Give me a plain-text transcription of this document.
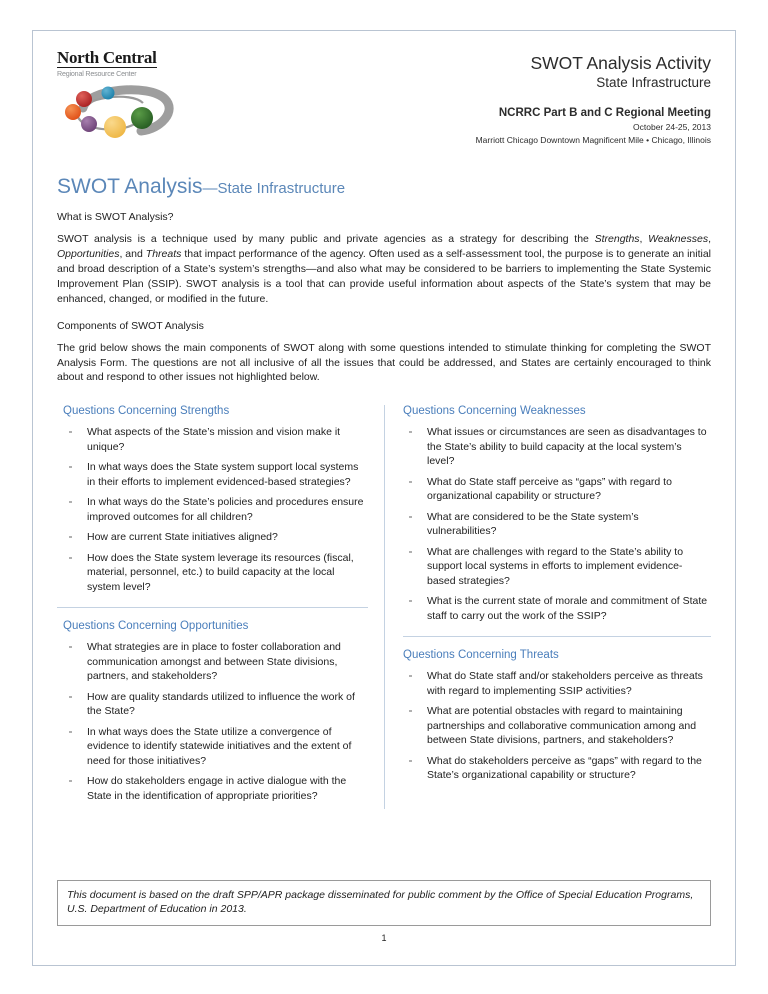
North Central
Regional Resource Center
SWOT Analysis Activity
State Infrastructure
NCRRC Part B and C Regional Meeting
October 24-25, 2013
Marriott Chicago Downtown Magnificent Mile • Chicago, Illinois
SWOT Analysis—State Infrastructure
What is SWOT Analysis?

SWOT analysis is a technique used by many public and private agencies as a strategy for describing the Strengths, Weaknesses, Opportunities, and Threats that impact performance of the agency. Often used as a self-assessment tool, the purpose is to generate an initial and broad description of a State’s system’s strengths—and also what may be considered to be barriers to implementing the State Systemic Improvement Plan (SSIP). SWOT analysis is a tool that can provide useful information about aspects of the State’s system that may be enhanced, changed, or modified in the future.

Components of SWOT Analysis

The grid below shows the main components of SWOT along with some questions intended to stimulate thinking for completing the SWOT Analysis Form. The questions are not all inclusive of all the issues that could be addressed, and States are certainly encouraged to think about and respond to other issues not highlighted below.

Questions Concerning Strengths
What aspects of the State’s mission and vision make it unique?
In what ways does the State system support local systems in their efforts to implement evidenced-based strategies?
In what ways do the State’s policies and procedures ensure improved outcomes for all children?
How are current State initiatives aligned?
How does the State system leverage its resources (fiscal, material, personnel, etc.) to build capacity at the local system level?
Questions Concerning Opportunities
What strategies are in place to foster collaboration and communication amongst and between State divisions, partners, and stakeholders?
How are quality standards utilized to influence the work of the State?
In what ways does the State utilize a convergence of evidence to identify statewide initiatives and the extent of need for those initiatives?
How do stakeholders engage in active dialogue with the State in the identification of appropriate priorities?
Questions Concerning Weaknesses
What issues or circumstances are seen as disadvantages to the State’s ability to build capacity at the local system’s level?
What do State staff perceive as “gaps” with regard to organizational capability or structure?
What are considered to be the State system’s vulnerabilities?
What are challenges with regard to the State’s ability to support local systems in efforts to implement evidence-based strategies?
What is the current state of morale and commitment of State staff to carry out the work of the SSIP?
Questions Concerning Threats
What do State staff and/or stakeholders perceive as threats with regard to implementing SSIP activities?
What are potential obstacles with regard to maintaining partnerships and collaborative communication among and between State divisions, partners, and stakeholders?
What do stakeholders perceive as “gaps” with regard to the State’s organizational capability or structure?
This document is based on the draft SPP/APR package disseminated for public comment by the Office of Special Education Programs, U.S. Department of Education in 2013.
1
